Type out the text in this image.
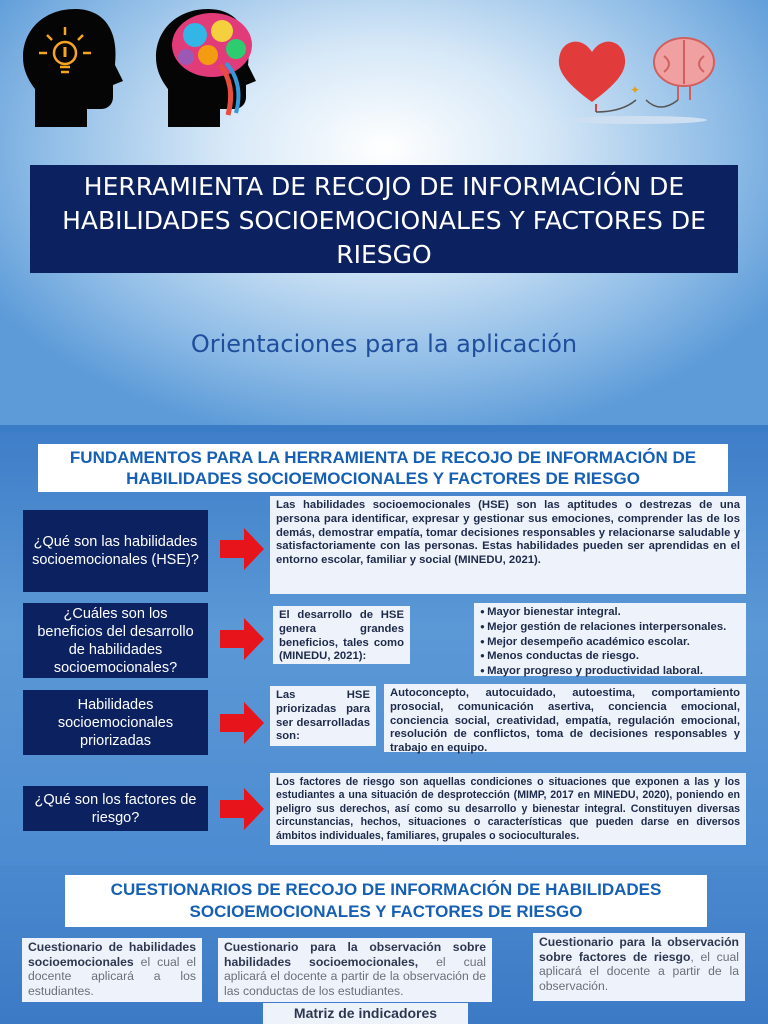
✦
HERRAMIENTA DE RECOJO DE INFORMACIÓN DE HABILIDADES SOCIOEMOCIONALES Y FACTORES DE RIESGO
Orientaciones para la aplicación
FUNDAMENTOS PARA LA HERRAMIENTA DE RECOJO DE INFORMACIÓN DE HABILIDADES SOCIOEMOCIONALES Y FACTORES DE RIESGO
¿Qué son las habilidades socioemocionales (HSE)?
Las habilidades socioemocionales (HSE) son las aptitudes o destrezas de una persona para identificar, expresar y gestionar sus emociones, comprender las de los demás, demostrar empatía, tomar decisiones responsables y relacionarse saludable y satisfactoriamente con las personas. Estas habilidades pueden ser aprendidas en el entorno escolar, familiar y social (MINEDU, 2021).
¿Cuáles son los beneficios del desarrollo de habilidades socioemocionales?
El desarrollo de HSE genera grandes beneficios, tales como (MINEDU, 2021):
● Mayor bienestar integral.
● Mejor gestión de relaciones interpersonales.
● Mejor desempeño académico escolar.
● Menos conductas de riesgo.
● Mayor progreso y productividad laboral.
Habilidades socioemocionales priorizadas
Las HSE priorizadas para ser desarrolladas son:
Autoconcepto, autocuidado, autoestima, comportamiento prosocial, comunicación asertiva, conciencia emocional, conciencia social, creatividad, empatía, regulación emocional, resolución de conflictos, toma de decisiones responsables y trabajo en equipo.
¿Qué son los factores de riesgo?
Los factores de riesgo son aquellas condiciones o situaciones que exponen a las y los estudiantes a una situación de desprotección (MIMP, 2017 en MINEDU, 2020), poniendo en peligro sus derechos, así como su desarrollo y bienestar integral. Constituyen diversas circunstancias, hechos, situaciones o características que pueden darse en diversos ámbitos individuales, familiares, grupales o socioculturales.
CUESTIONARIOS DE RECOJO DE INFORMACIÓN DE HABILIDADES SOCIOEMOCIONALES Y FACTORES DE RIESGO
Cuestionario de habilidades socioemocionales el cual el docente aplicará a los estudiantes.
Cuestionario para la observación sobre habilidades socioemocionales, el cual aplicará el docente a partir de la observación de las conductas de los estudiantes.
Cuestionario para la observación sobre factores de riesgo, el cual aplicará el docente a partir de la observación.
Matriz de indicadores
